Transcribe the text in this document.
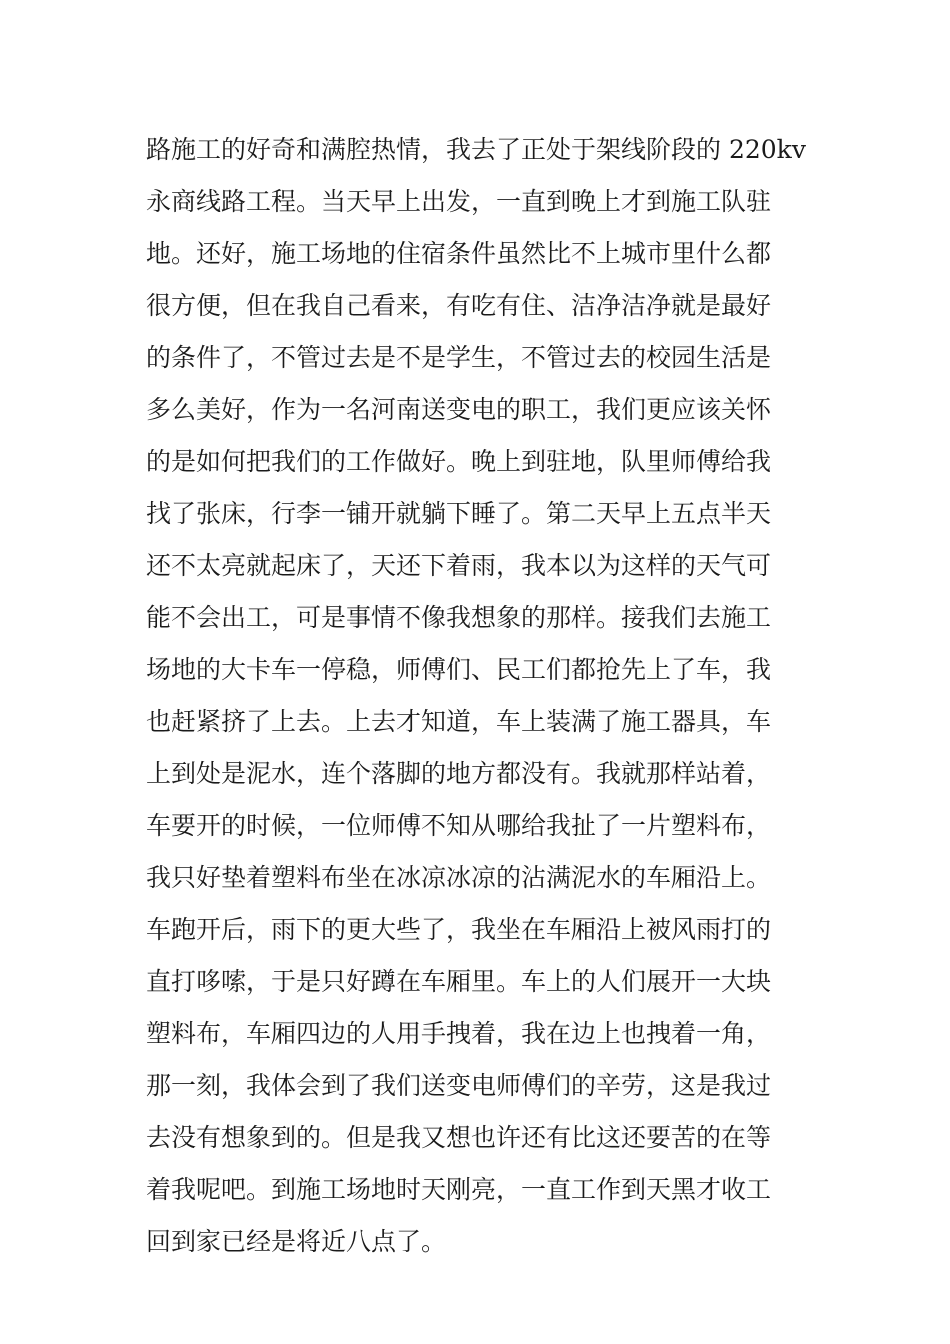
路施工的好奇和满腔热情，我去了正处于架线阶段的 220kv
永商线路工程。当天早上出发，一直到晚上才到施工队驻
地。还好，施工场地的住宿条件虽然比不上城市里什么都
很方便，但在我自己看来，有吃有住、洁净洁净就是最好
的条件了，不管过去是不是学生，不管过去的校园生活是
多么美好，作为一名河南送变电的职工，我们更应该关怀
的是如何把我们的工作做好。晚上到驻地，队里师傅给我
找了张床，行李一铺开就躺下睡了。第二天早上五点半天
还不太亮就起床了，天还下着雨，我本以为这样的天气可
能不会出工，可是事情不像我想象的那样。接我们去施工
场地的大卡车一停稳，师傅们、民工们都抢先上了车，我
也赶紧挤了上去。上去才知道，车上装满了施工器具，车
上到处是泥水，连个落脚的地方都没有。我就那样站着，
车要开的时候，一位师傅不知从哪给我扯了一片塑料布，
我只好垫着塑料布坐在冰凉冰凉的沾满泥水的车厢沿上。
车跑开后，雨下的更大些了，我坐在车厢沿上被风雨打的
直打哆嗦，于是只好蹲在车厢里。车上的人们展开一大块
塑料布，车厢四边的人用手拽着，我在边上也拽着一角，
那一刻，我体会到了我们送变电师傅们的辛劳，这是我过
去没有想象到的。但是我又想也许还有比这还要苦的在等
着我呢吧。到施工场地时天刚亮，一直工作到天黑才收工
回到家已经是将近八点了。
